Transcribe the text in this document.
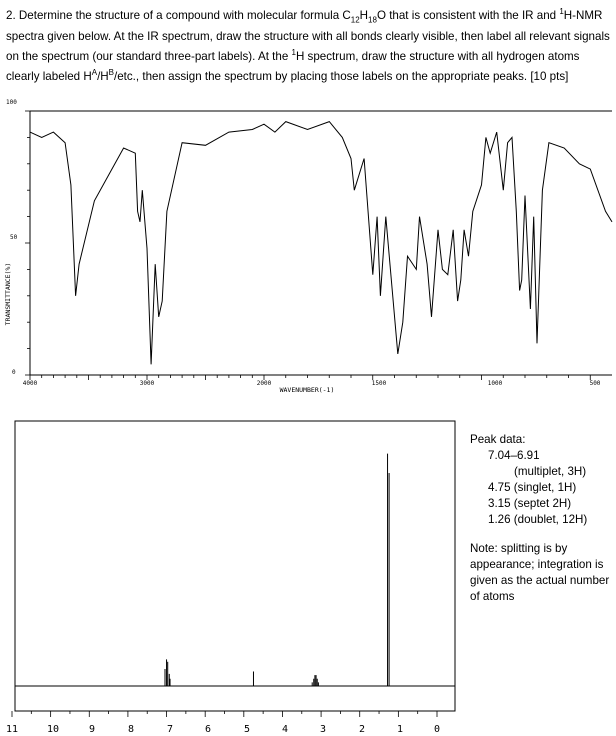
2. Determine the structure of a compound with molecular formula $C_{12}H_{18}O$ that is consistent with the IR and $^1$H-NMR spectra given below. At the IR spectrum, draw the structure with all bonds clearly visible, then label all relevant signals on the spectrum (our standard three-part labels). At the $^1$H spectrum, draw the structure with all hydrogen atoms clearly labeled $H^A/H^B$/etc., then assign the spectrum by placing those labels on the appropriate peaks. [10 pts]

TRANSMITTANCE(%)
WAVENUMBER(-1)
100
50
0
4000	3000	2000	1500	1000	500
11	10	9	8	7	6	5	4	3	2	1	0

Peak data:

7.04–6.91

(multiplet, 3H)

4.75 (singlet, 1H)

3.15 (septet 2H)

1.26 (doublet, 12H)

Note: splitting is by appearance; integration is given as the actual number of atoms
